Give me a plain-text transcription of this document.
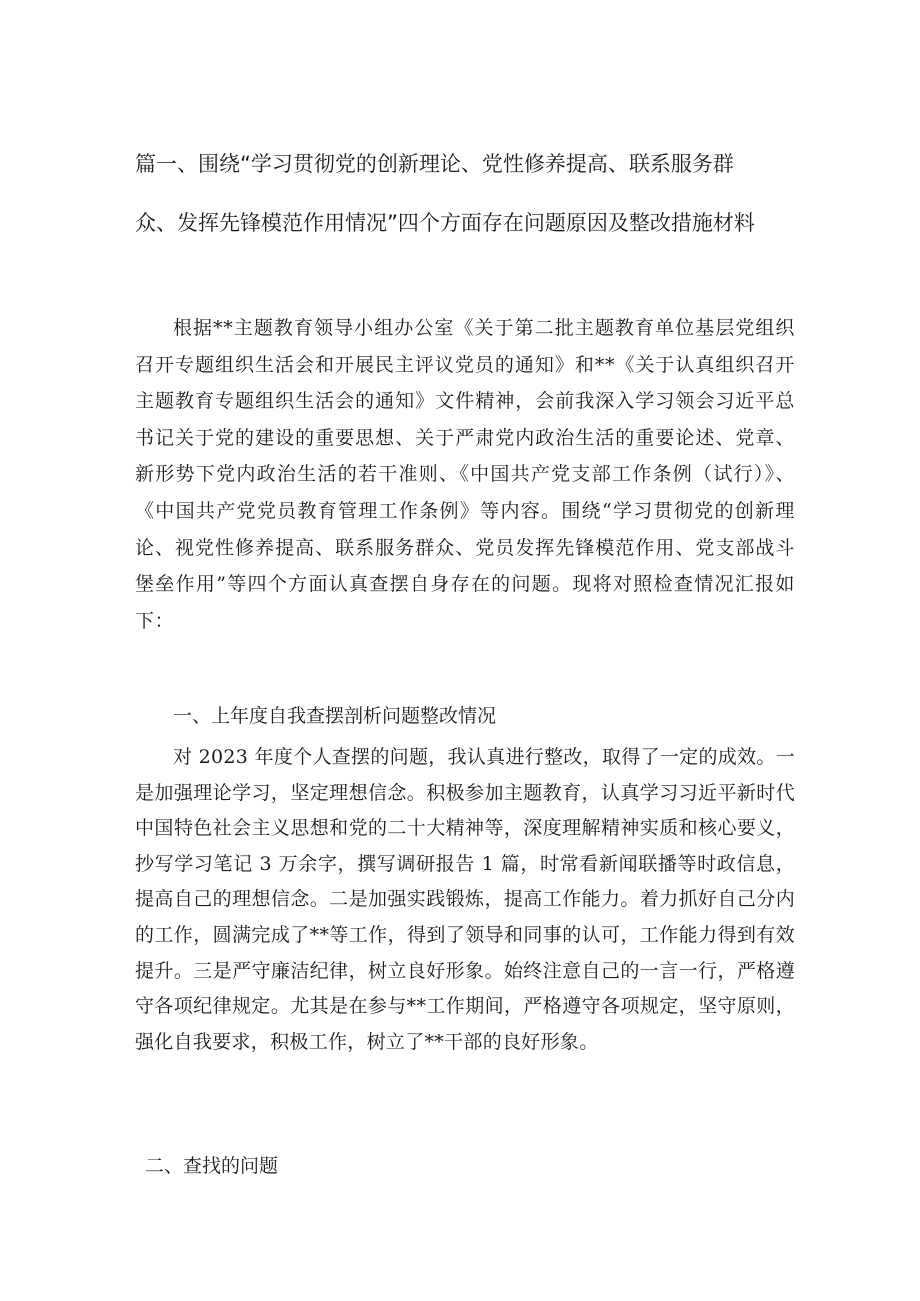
篇一、围绕“学习贯彻党的创新理论、党性修养提高、联系服务群
众、发挥先锋模范作用情况”四个方面存在问题原因及整改措施材料

根据**主题教育领导小组办公室《关于第二批主题教育单位基层党组织召开专题组织生活会和开展民主评议党员的通知》和**《关于认真组织召开主题教育专题组织生活会的通知》文件精神，会前我深入学习领会习近平总书记关于党的建设的重要思想、关于严肃党内政治生活的重要论述、党章、新形势下党内政治生活的若干准则、《中国共产党支部工作条例（试行）》、《中国共产党党员教育管理工作条例》等内容。围绕“学习贯彻党的创新理论、视党性修养提高、联系服务群众、党员发挥先锋模范作用、党支部战斗堡垒作用”等四个方面认真查摆自身存在的问题。现将对照检查情况汇报如下：

一、上年度自我查摆剖析问题整改情况

对 2023 年度个人查摆的问题，我认真进行整改，取得了一定的成效。一是加强理论学习，坚定理想信念。积极参加主题教育，认真学习习近平新时代中国特色社会主义思想和党的二十大精神等，深度理解精神实质和核心要义，抄写学习笔记 3 万余字，撰写调研报告 1 篇，时常看新闻联播等时政信息，提高自己的理想信念。二是加强实践锻炼，提高工作能力。着力抓好自己分内的工作，圆满完成了**等工作，得到了领导和同事的认可，工作能力得到有效提升。三是严守廉洁纪律，树立良好形象。始终注意自己的一言一行，严格遵守各项纪律规定。尤其是在参与**工作期间，严格遵守各项规定，坚守原则，强化自我要求，积极工作，树立了**干部的良好形象。

二、查找的问题
